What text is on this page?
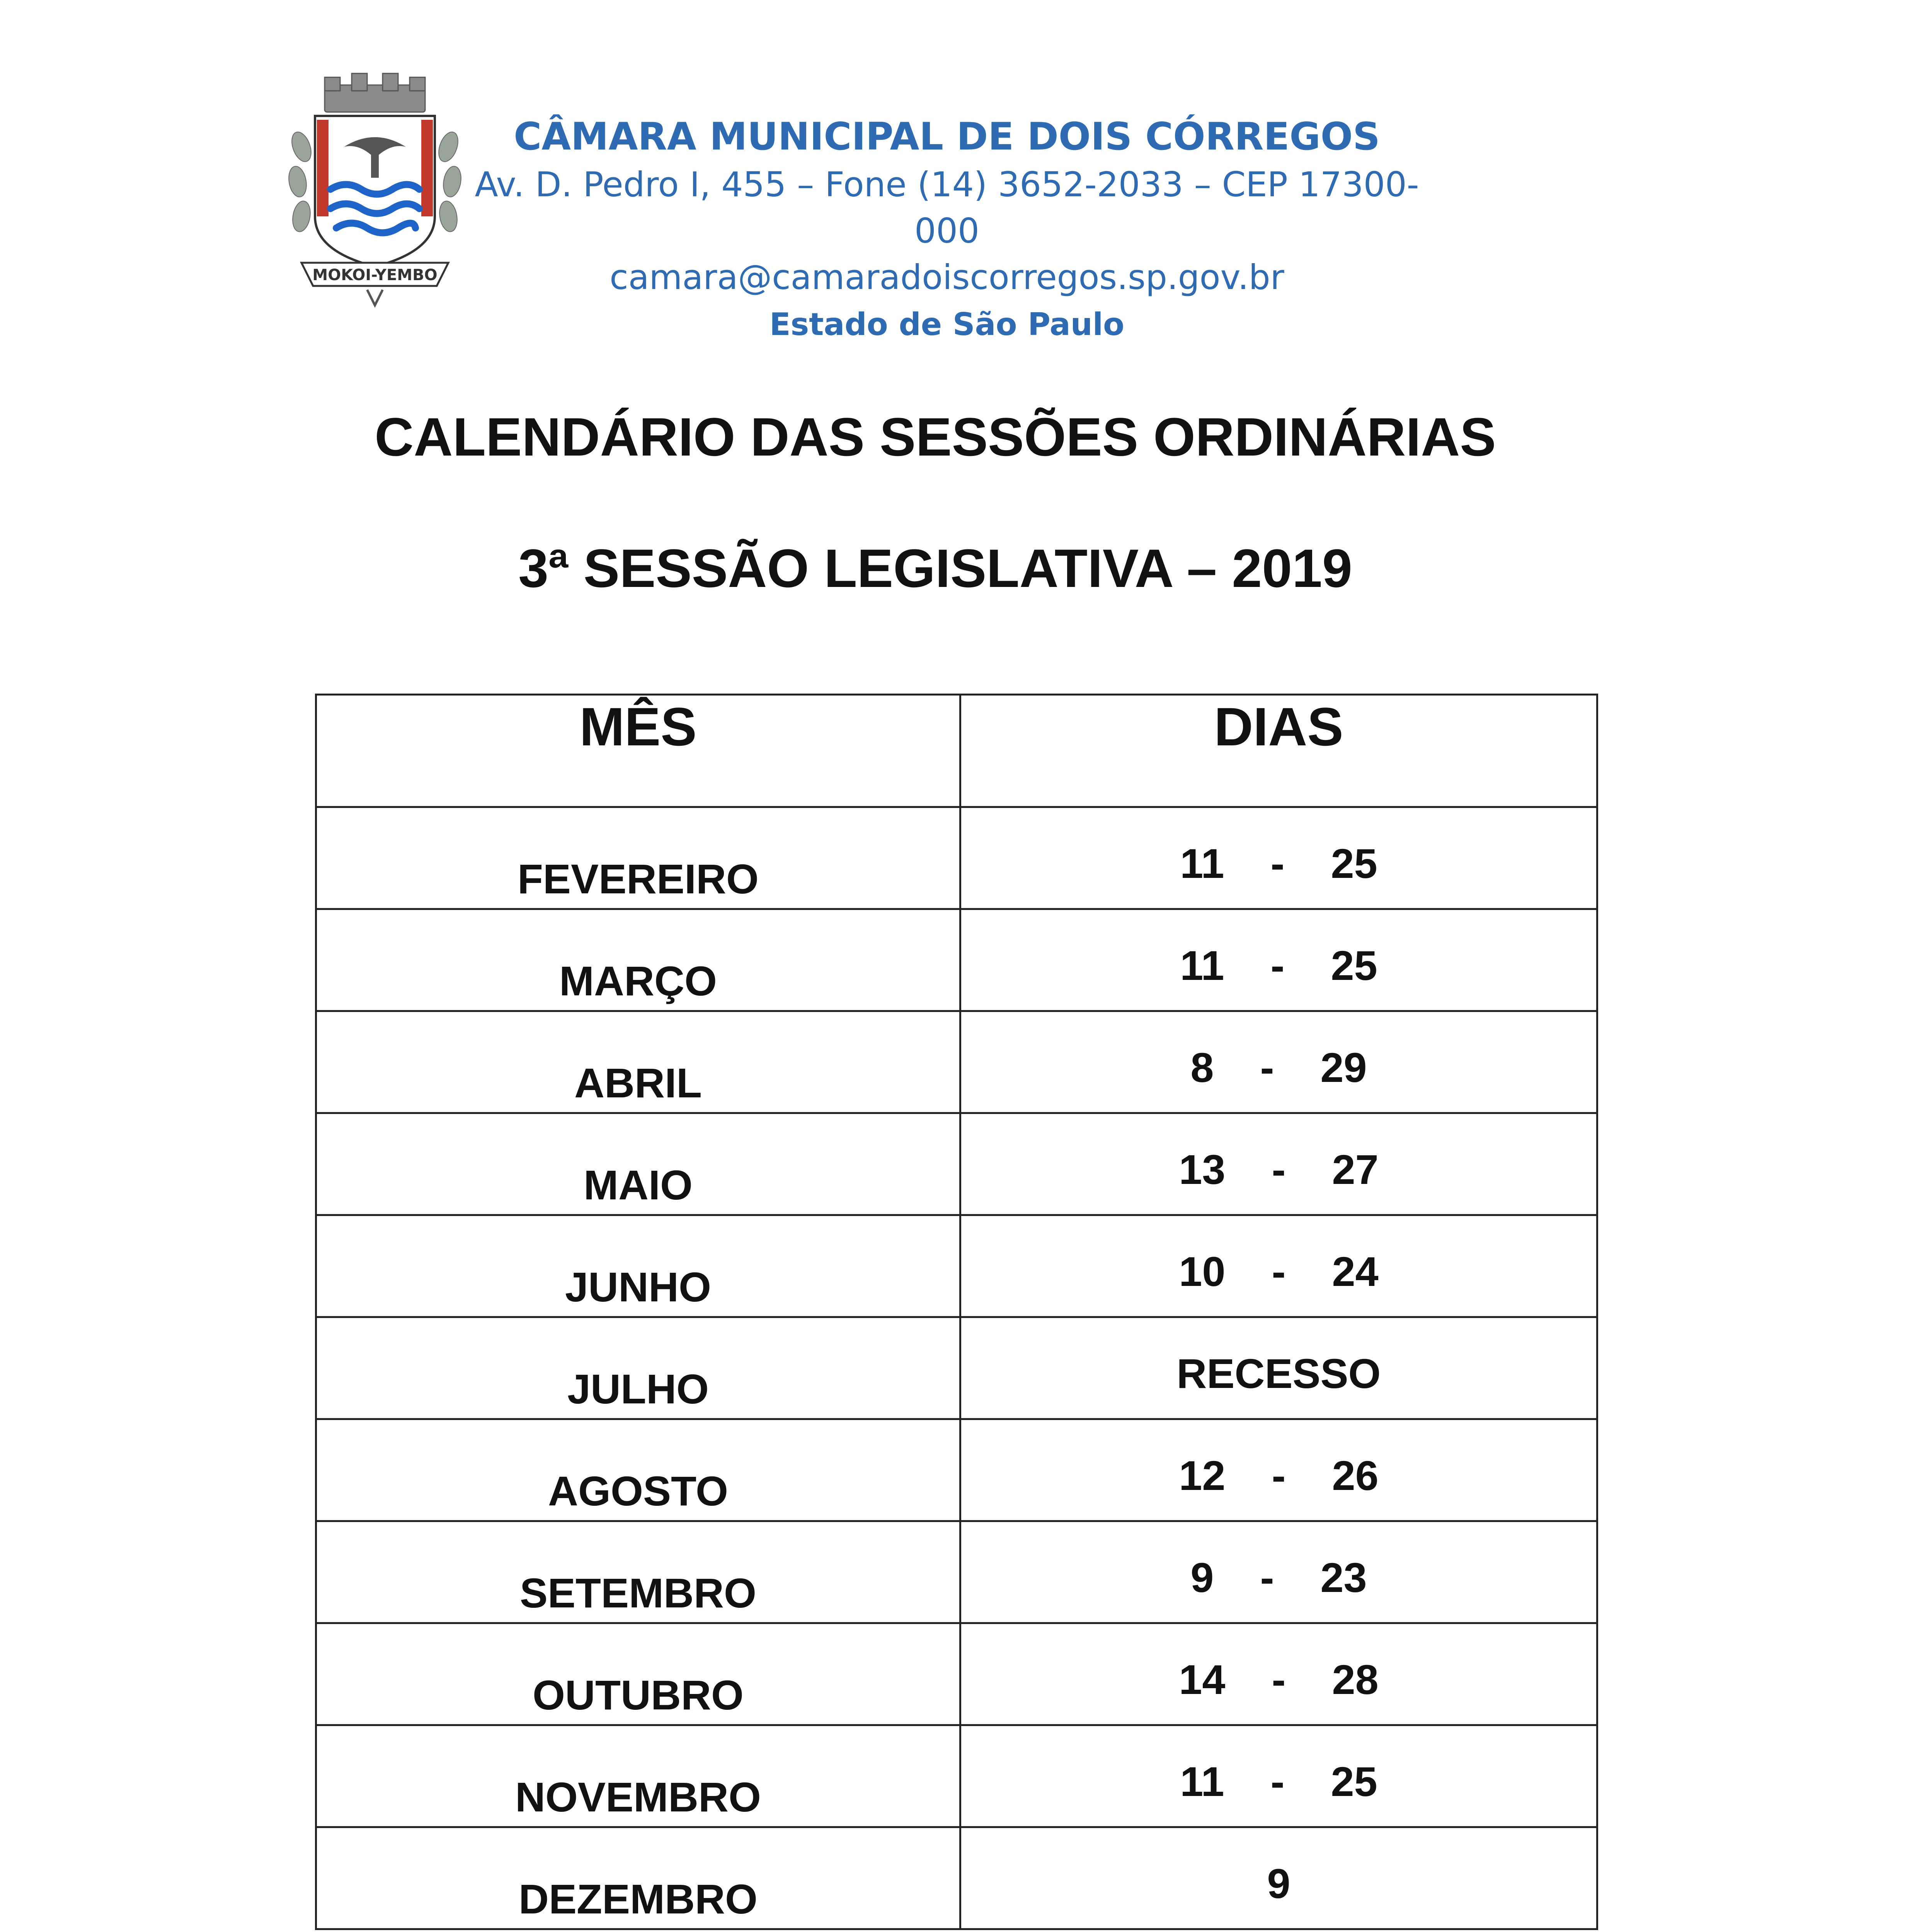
MOKOI-YEMBO
CÂMARA MUNICIPAL DE DOIS CÓRREGOS
Av. D. Pedro I, 455 – Fone (14) 3652-2033 – CEP 17300-000
camara@camaradoiscorregos.sp.gov.br
Estado de São Paulo
CALENDÁRIO DAS SESSÕES ORDINÁRIAS
3ª SESSÃO LEGISLATIVA – 2019
MÊS	DIAS

FEVEREIRO	11    -    25

MARÇO	11    -    25

ABRIL	8    -    29

MAIO	13    -    27

JUNHO	10    -    24

JULHO	RECESSO

AGOSTO	12    -    26

SETEMBRO	9    -    23

OUTUBRO	14    -    28

NOVEMBRO	11    -    25

DEZEMBRO	9
